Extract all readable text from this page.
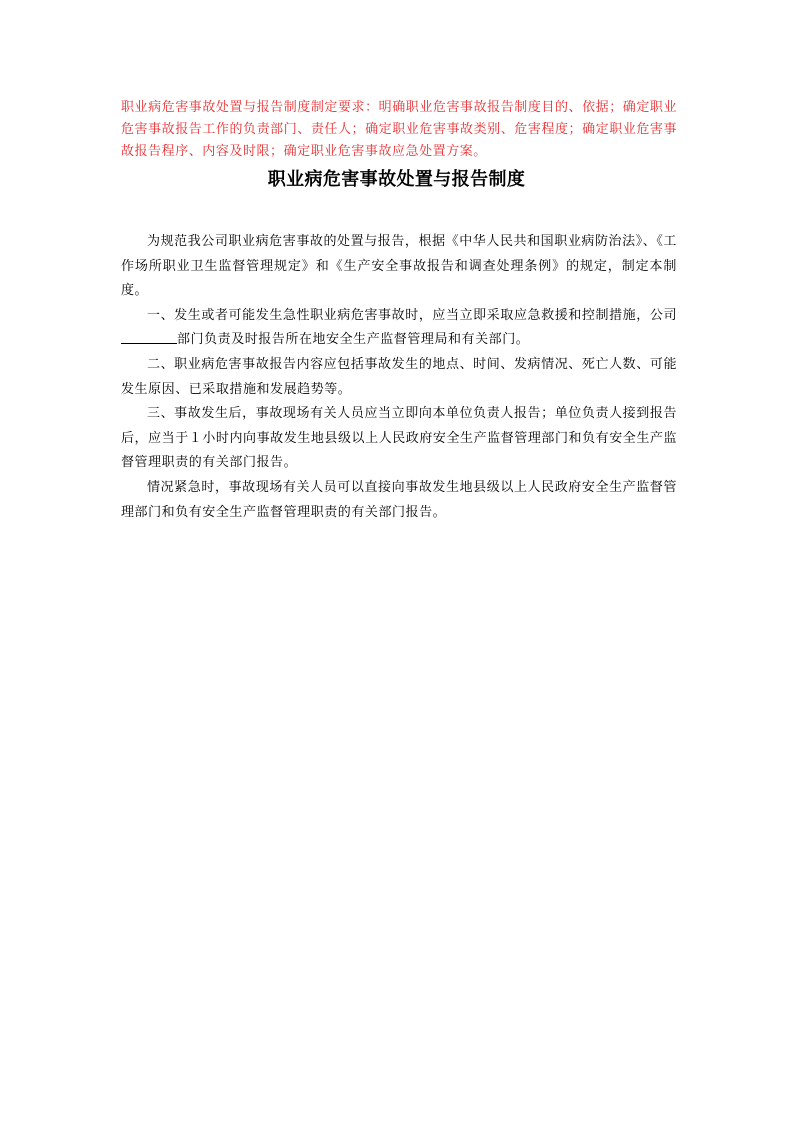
职业病危害事故处置与报告制度制定要求：明确职业危害事故报告制度目的、依据；确定职业危害事故报告工作的负责部门、责任人；确定职业危害事故类别、危害程度；确定职业危害事故报告程序、内容及时限；确定职业危害事故应急处置方案。
职业病危害事故处置与报告制度

为规范我公司职业病危害事故的处置与报告，根据《中华人民共和国职业病防治法》、《工作场所职业卫生监督管理规定》和《生产安全事故报告和调查处理条例》的规定，制定本制度。

一、发生或者可能发生急性职业病危害事故时，应当立即采取应急救援和控制措施，公司部门负责及时报告所在地安全生产监督管理局和有关部门。

二、职业病危害事故报告内容应包括事故发生的地点、时间、发病情况、死亡人数、可能发生原因、已采取措施和发展趋势等。

三、事故发生后，事故现场有关人员应当立即向本单位负责人报告；单位负责人接到报告后，应当于１小时内向事故发生地县级以上人民政府安全生产监督管理部门和负有安全生产监督管理职责的有关部门报告。

情况紧急时，事故现场有关人员可以直接向事故发生地县级以上人民政府安全生产监督管理部门和负有安全生产监督管理职责的有关部门报告。
